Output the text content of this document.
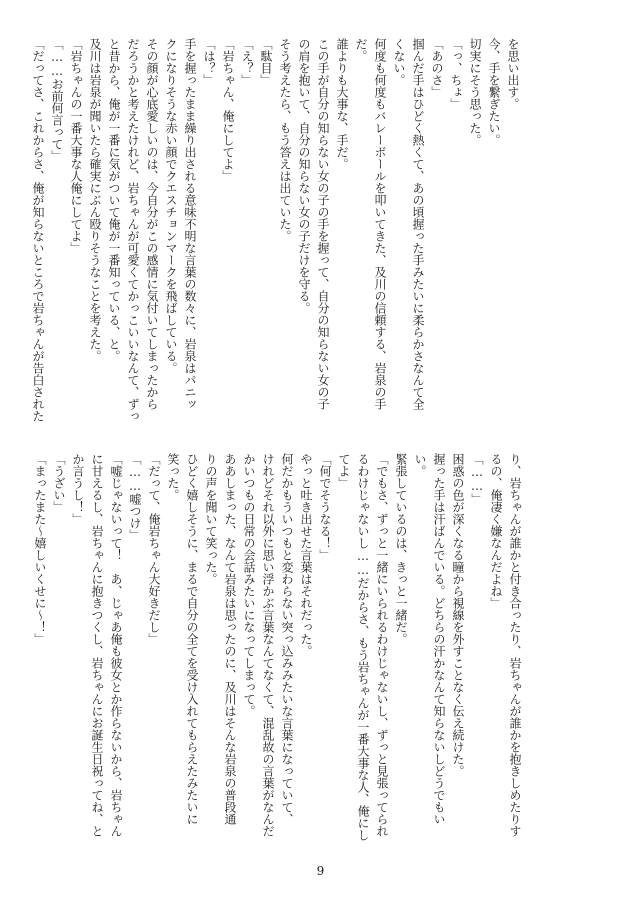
を思い出す。

今、手を繋ぎたい。

切実にそう思った。

「っ、ちょ」

「あのさ」

掴んだ手はひどく熱くて、あの頃握った手みたいに柔らかさなんて全

くない。

何度も何度もバレーボールを叩いてきた、及川の信頼する、岩泉の手

だ。

誰よりも大事な、手だ。

この手が自分の知らない女の子の手を握って、自分の知らない女の子

の肩を抱いて、自分の知らない女の子だけを守る。

そう考えたら、もう答えは出ていた。

「駄目」

「え？」

「岩ちゃん、俺にしてよ」

「は？」

手を握ったまま繰り出される意味不明な言葉の数々に、岩泉はパニッ

クになりそうな赤い顔でクエスチョンマークを飛ばしている。

その顔が心底愛しいのは、今自分がこの感情に気付いてしまったから

だろうかと考えたけれど、岩ちゃんが可愛くてかっこいいなんて、ずっ

と昔から、俺が一番に気がついて俺が一番知っている、と。

及川は岩泉が聞いたら確実にぶん殴りそうなことを考えた。

「岩ちゃんの一番大事な人俺にしてよ」

「……お前何言って」

「だってさ、これからさ、俺が知らないところで岩ちゃんが告白された

り、岩ちゃんが誰かと付き合ったり、岩ちゃんが誰かを抱きしめたりす

るの、俺凄く嫌なんだよね」

「……」

困惑の色が深くなる瞳から視線を外すことなく伝え続けた。

握った手は汗ばんでいる。どちらの汗かなんて知らないしどうでもい

い。

緊張しているのは、きっと一緒だ。

「でもさ、ずっと一緒にいられるわけじゃないし、ずっと見張ってられ

るわけじゃないし……だからさ、もう岩ちゃんが一番大事な人、俺にし

てよ」

「何でそうなる！」

やっと吐き出せた言葉はそれだった。

何だかもういつもと変わらない突っ込みみたいな言葉になっていて、

けれどそれ以外に思い浮かぶ言葉なんてなくて、混乱故の言葉がなんだ

かいつもの日常の会話みたいになってしまって。

ああしまった、なんて岩泉は思ったのに、及川はそんな岩泉の普段通

りの声を聞いて笑った。

ひどく嬉しそうに、まるで自分の全てを受け入れてもらえたみたいに

笑った。

「だって、俺岩ちゃん大好きだし」

「……嘘つけ」

「嘘じゃないって！　あ、じゃあ俺も彼女とか作らないから、岩ちゃん

に甘えるし、岩ちゃんに抱きつくし、岩ちゃんにお誕生日祝ってね、と

か言うし！」

「うざい」

「まったまた〜嬉しいくせに〜！」

9
